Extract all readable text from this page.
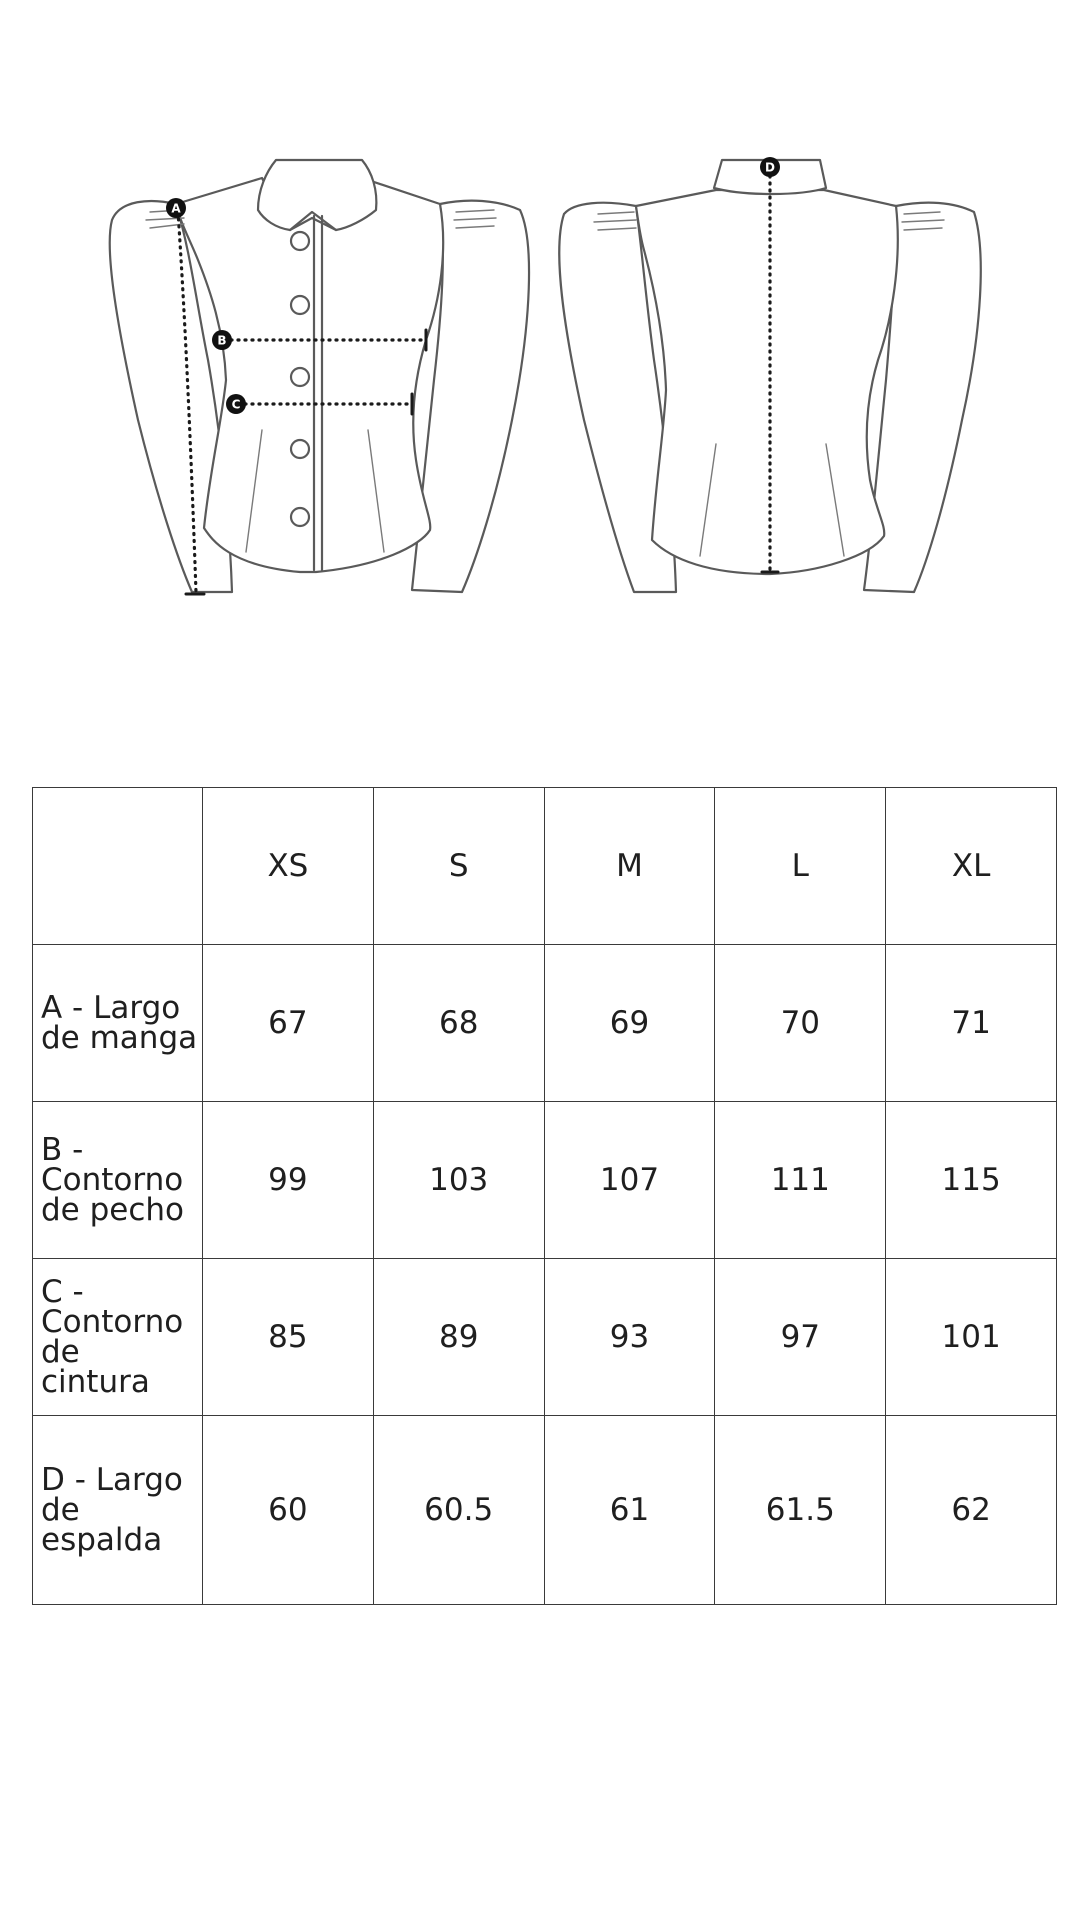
A
B
C
D
	XS	S	M	L	XL
A - Largo de manga	67	68	69	70	71
B - Contorno de pecho	99	103	107	111	115
C - Contorno de cintura	85	89	93	97	101
D - Largo de espalda	60	60.5	61	61.5	62
